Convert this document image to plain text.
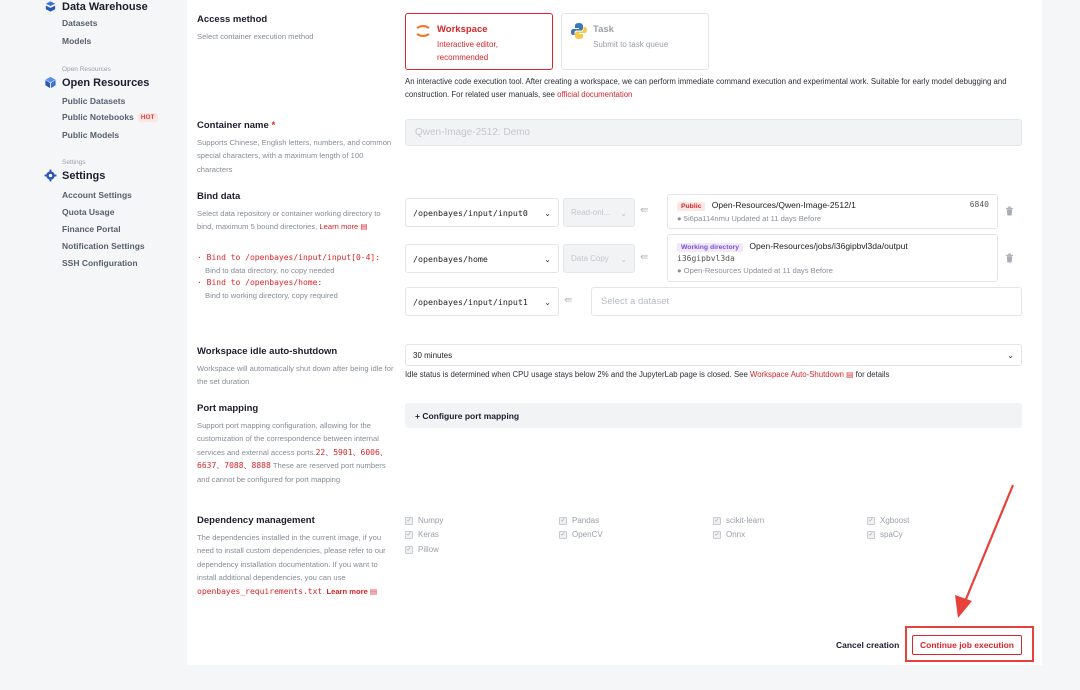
Data Warehouse
Datasets
Models
Open Resources
Open Resources
Public Datasets
Public Notebooks	HOT
Public Models
Settings
Settings
Account Settings
Quota Usage
Finance Portal
Notification Settings
SSH Configuration
Access method
Select container execution method
Workspace
Interactive editor, recommended
Task
Submit to task queue
An interactive code execution tool. After creating a workspace, we can perform immediate command execution and experimental work. Suitable for early model debugging and construction. For related user manuals, see official documentation
Container name *
Supports Chinese, English letters, numbers, and common special characters, with a maximum length of 100 characters
Qwen-Image-2512: Demo
Bind data
Select data repository or container working directory to bind, maximum 5 bound directories, Learn more ▤
· Bind to /openbayes/input/input[0-4]:
Bind to data directory, no copy needed
· Bind to /openbayes/home:
Bind to working directory, copy required
/openbayes/input/input0 ⌄	Read-onl... ⌄ ⇚	Public Open-Resources/Qwen-Image-2512/1	6840
● 5i6pa114nmu Updated at 11 days Before
/openbayes/home	⌄	Data Copy ⌄ ⇚
Working directory Open-Resources/jobs/i36gipbvl3da/output
i36gipbvl3da
● Open-Resources Updated at 11 days Before
/openbayes/input/input1 ⌄ ⇚	Select a dataset
Workspace idle auto-shutdown
Workspace will automatically shut down after being idle for the set duration
30 minutes	⌄
Idle status is determined when CPU usage stays below 2% and the JupyterLab page is closed. See Workspace Auto-Shutdown ▤ for details
Port mapping
Support port mapping configuration, allowing for the customization of the correspondence between internal services and external access ports.22、5901、6006、6637、7088、8888 These are reserved port numbers and cannot be configured for port mapping
+ Configure port mapping
Dependency management
The dependencies installed in the current image, if you need to install custom dependencies, please refer to our dependency installation documentation. If you want to install additional dependencies, you can use openbayes_requirements.txt. Learn more ▤
✓ Numpy	✓ Pandas	✓ scikit-learn	✓ Xgboost
✓ Keras	✓ OpenCV	✓ Onnx	✓ spaCy
✓ Pillow
Cancel creation	Continue job execution
